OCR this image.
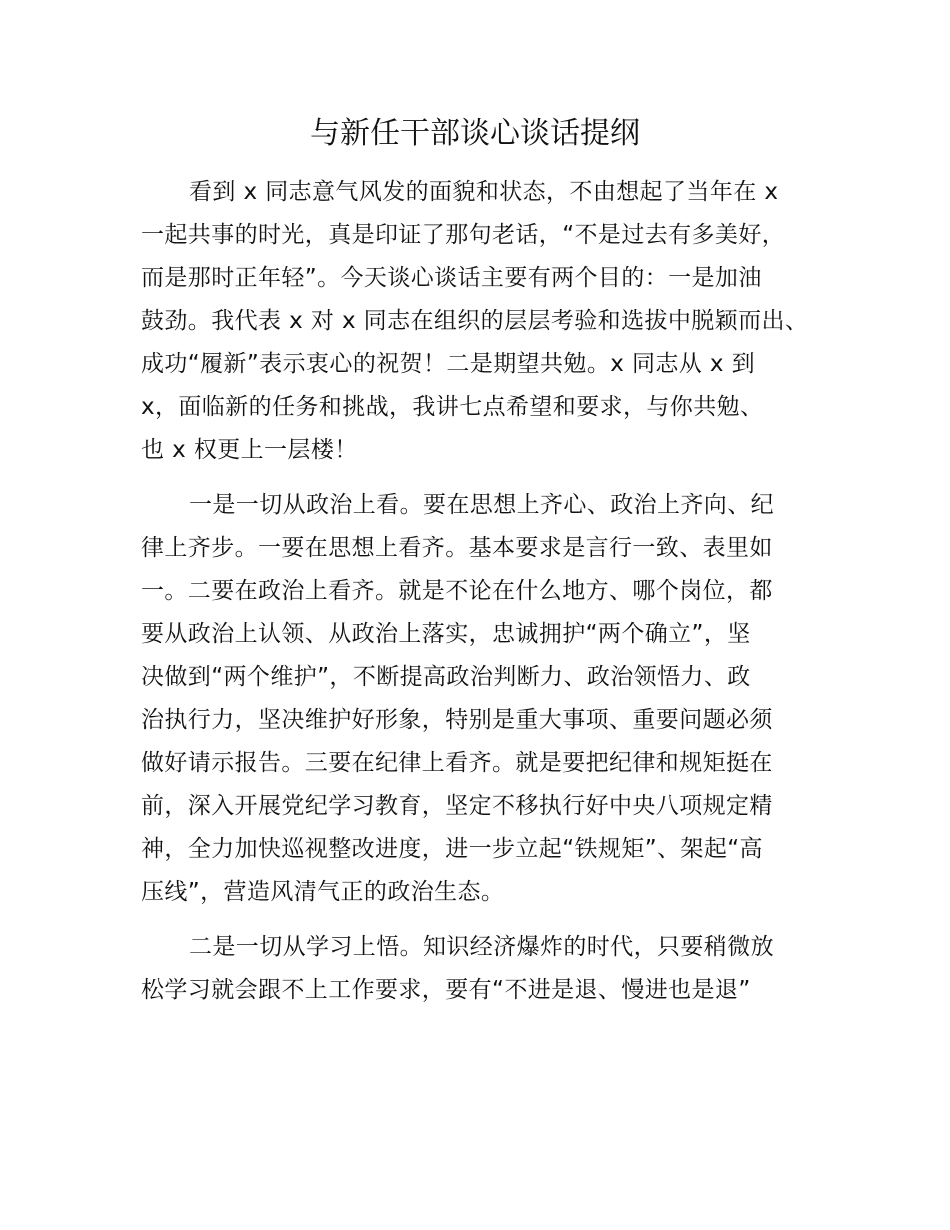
与新任干部谈心谈话提纲
看到 x 同志意气风发的面貌和状态，不由想起了当年在 x
一起共事的时光，真是印证了那句老话，“不是过去有多美好，
而是那时正年轻”。今天谈心谈话主要有两个目的：一是加油
鼓劲。我代表 x 对 x 同志在组织的层层考验和选拔中脱颖而出、
成功“履新”表示衷心的祝贺！二是期望共勉。x 同志从 x 到
x，面临新的任务和挑战，我讲七点希望和要求，与你共勉、
也 x 权更上一层楼！
一是一切从政治上看。要在思想上齐心、政治上齐向、纪
律上齐步。一要在思想上看齐。基本要求是言行一致、表里如
一。二要在政治上看齐。就是不论在什么地方、哪个岗位，都
要从政治上认领、从政治上落实，忠诚拥护“两个确立”，坚
决做到“两个维护”，不断提高政治判断力、政治领悟力、政
治执行力，坚决维护好形象，特别是重大事项、重要问题必须
做好请示报告。三要在纪律上看齐。就是要把纪律和规矩挺在
前，深入开展党纪学习教育，坚定不移执行好中央八项规定精
神，全力加快巡视整改进度，进一步立起“铁规矩”、架起“高
压线”，营造风清气正的政治生态。
二是一切从学习上悟。知识经济爆炸的时代，只要稍微放
松学习就会跟不上工作要求，要有“不进是退、慢进也是退”
